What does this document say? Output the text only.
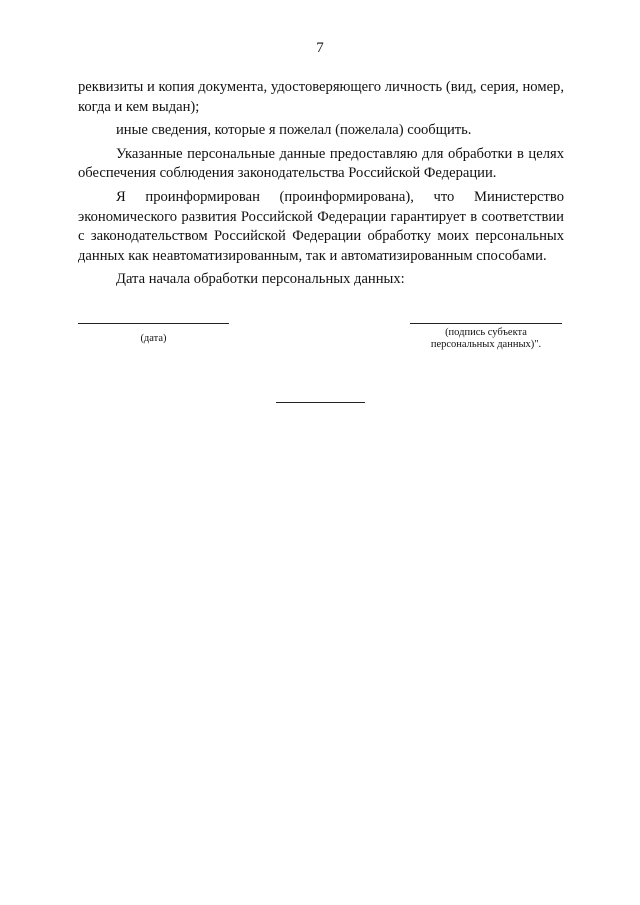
7

реквизиты и копия документа, удостоверяющего личность (вид, серия, номер, когда и кем выдан);

иные сведения, которые я пожелал (пожелала) сообщить.

Указанные персональные данные предоставляю для обработки в целях обеспечения соблюдения законодательства Российской Федерации.

Я проинформирован (проинформирована), что Министерство экономического развития Российской Федерации гарантирует в соответствии с законодательством Российской Федерации обработку моих персональных данных как неавтоматизированным, так и автоматизированным способами.

Дата начала обработки персональных данных:

(дата)
(подпись субъекта
персональных данных)".
